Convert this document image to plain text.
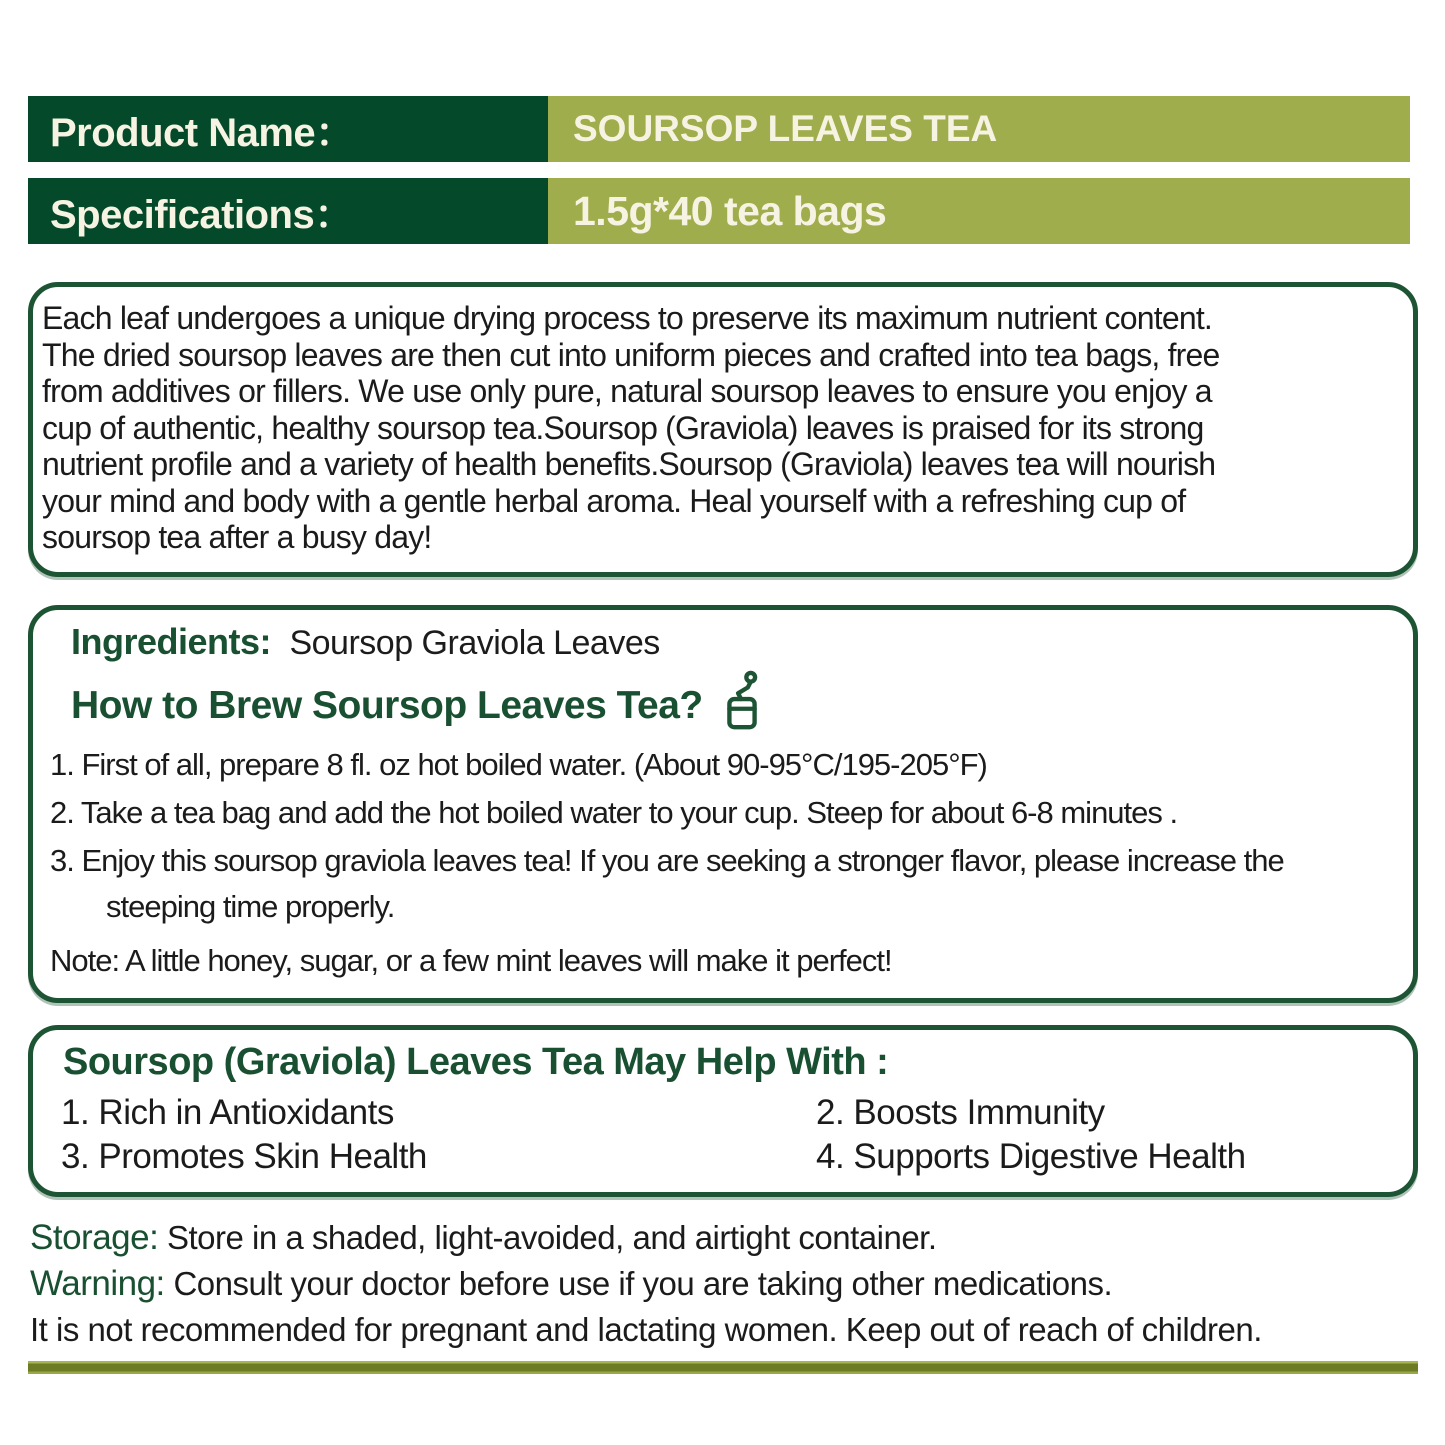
Product Name：	SOURSOP LEAVES TEA
Specifications：	1.5g*40 tea bags
Each leaf undergoes a unique drying process to preserve its maximum nutrient content.
The dried soursop leaves are then cut into uniform pieces and crafted into tea bags, free
from additives or fillers. We use only pure, natural soursop leaves to ensure you enjoy a
cup of authentic, healthy soursop tea.Soursop (Graviola) leaves is praised for its strong
nutrient profile and a variety of health benefits.Soursop (Graviola) leaves tea will nourish
your mind and body with a gentle herbal aroma. Heal yourself with a refreshing cup of
soursop tea after a busy day!
Ingredients: Soursop Graviola Leaves
How to Brew Soursop Leaves Tea?
1. First of all, prepare 8 fl. oz hot boiled water. (About 90-95°C/195-205°F)
2. Take a tea bag and add the hot boiled water to your cup. Steep for about 6-8 minutes .
3. Enjoy this soursop graviola leaves tea! If you are seeking a stronger flavor, please increase the steeping time properly.
Note: A little honey, sugar, or a few mint leaves will make it perfect!
Soursop (Graviola) Leaves Tea May Help With :
1. Rich in Antioxidants	2. Boosts Immunity
3. Promotes Skin Health	4. Supports Digestive Health
Storage: Store in a shaded, light-avoided, and airtight container.
Warning: Consult your doctor before use if you are taking other medications.
It is not recommended for pregnant and lactating women. Keep out of reach of children.
